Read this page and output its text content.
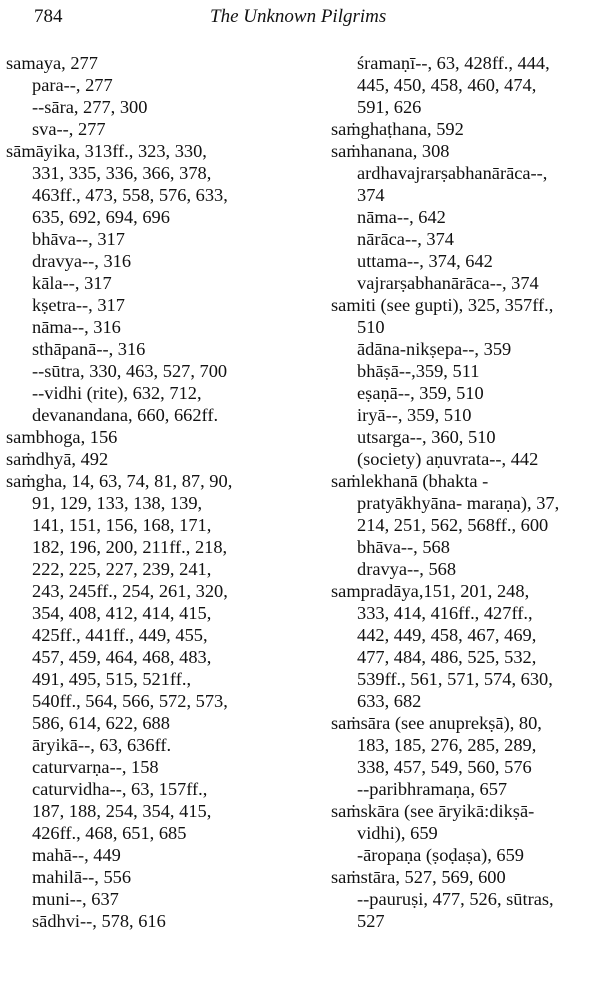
784	The Unknown Pilgrims
samaya, 277
para--, 277
--sāra, 277, 300
sva--, 277
sāmāyika, 313ff., 323, 330,
331, 335, 336, 366, 378,
463ff., 473, 558, 576, 633,
635, 692, 694, 696
bhāva--, 317
dravya--, 316
kāla--, 317
kṣetra--, 317
nāma--, 316
sthāpanā--, 316
--sūtra, 330, 463, 527, 700
--vidhi (rite), 632, 712,
devanandana, 660, 662ff.
sambhoga, 156
saṁdhyā, 492
saṁgha, 14, 63, 74, 81, 87, 90,
91, 129, 133, 138, 139,
141, 151, 156, 168, 171,
182, 196, 200, 211ff., 218,
222, 225, 227, 239, 241,
243, 245ff., 254, 261, 320,
354, 408, 412, 414, 415,
425ff., 441ff., 449, 455,
457, 459, 464, 468, 483,
491, 495, 515, 521ff.,
540ff., 564, 566, 572, 573,
586, 614, 622, 688
āryikā--, 63, 636ff.
caturvarṇa--, 158
caturvidha--, 63, 157ff.,
187, 188, 254, 354, 415,
426ff., 468, 651, 685
mahā--, 449
mahilā--, 556
muni--, 637
sādhvi--, 578, 616
śramaṇī--, 63, 428ff., 444,
445, 450, 458, 460, 474,
591, 626
saṁghaṭhana, 592
saṁhanana, 308
ardhavajrarṣabhanārāca--,
374
nāma--, 642
nārāca--, 374
uttama--, 374, 642
vajrarṣabhanārāca--, 374
samiti (see gupti), 325, 357ff.,
510
ādāna-nikṣepa--, 359
bhāṣā--,359, 511
eṣaṇā--, 359, 510
iryā--, 359, 510
utsarga--, 360, 510
(society) aṇuvrata--, 442
saṁlekhanā (bhakta -
pratyākhyāna- maraṇa), 37,
214, 251, 562, 568ff., 600
bhāva--, 568
dravya--, 568
sampradāya,151, 201, 248,
333, 414, 416ff., 427ff.,
442, 449, 458, 467, 469,
477, 484, 486, 525, 532,
539ff., 561, 571, 574, 630,
633, 682
saṁsāra (see anuprekṣā), 80,
183, 185, 276, 285, 289,
338, 457, 549, 560, 576
--paribhramaṇa, 657
saṁskāra (see āryikā:dikṣā-
vidhi), 659
-āropaṇa (ṣoḍaṣa), 659
saṁstāra, 527, 569, 600
--pauruṣi, 477, 526, sūtras,
527
